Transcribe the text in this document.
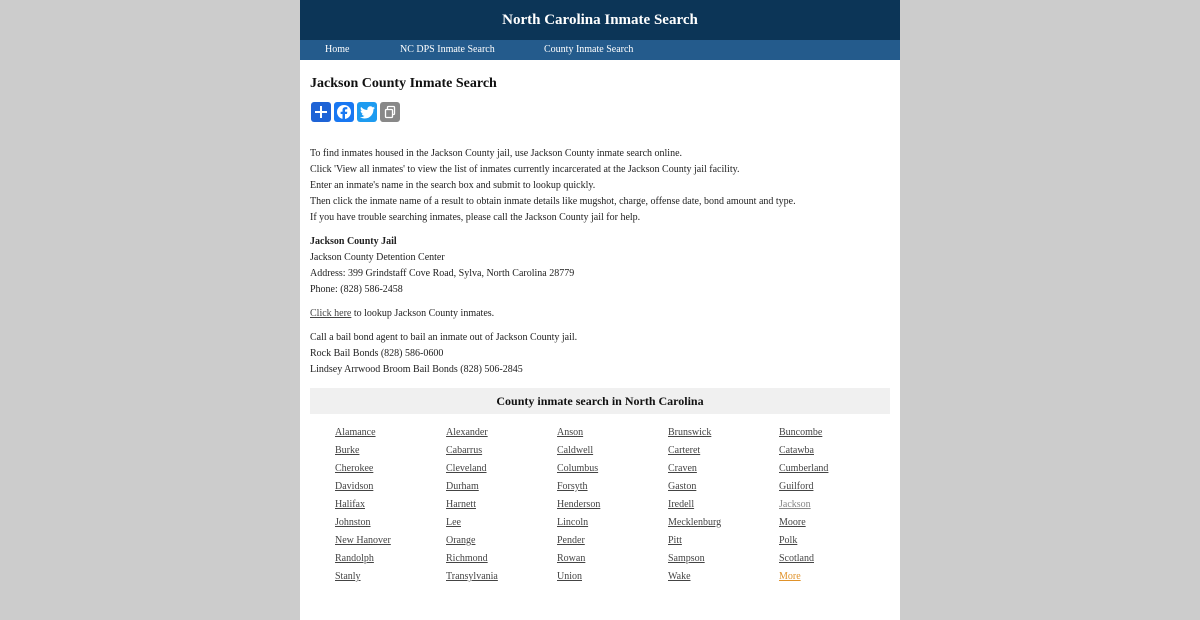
North Carolina Inmate Search
Home	NC DPS Inmate Search	County Inmate Search
Jackson County Inmate Search

To find inmates housed in the Jackson County jail, use Jackson County inmate search online.

Click 'View all inmates' to view the list of inmates currently incarcerated at the Jackson County jail facility.

Enter an inmate's name in the search box and submit to lookup quickly.

Then click the inmate name of a result to obtain inmate details like mugshot, charge, offense date, bond amount and type.

If you have trouble searching inmates, please call the Jackson County jail for help.

Jackson County Jail

Jackson County Detention Center

Address: 399 Grindstaff Cove Road, Sylva, North Carolina 28779

Phone: (828) 586-2458

Click here to lookup Jackson County inmates.

Call a bail bond agent to bail an inmate out of Jackson County jail.

Rock Bail Bonds (828) 586-0600

Lindsey Arrwood Broom Bail Bonds (828) 506-2845

County inmate search in North Carolina
Alamance	Alexander	Anson	Brunswick	Buncombe
Burke	Cabarrus	Caldwell	Carteret	Catawba
Cherokee	Cleveland	Columbus	Craven	Cumberland
Davidson	Durham	Forsyth	Gaston	Guilford
Halifax	Harnett	Henderson	Iredell	Jackson
Johnston	Lee	Lincoln	Mecklenburg	Moore
New Hanover	Orange	Pender	Pitt	Polk
Randolph	Richmond	Rowan	Sampson	Scotland
Stanly	Transylvania	Union	Wake	More
